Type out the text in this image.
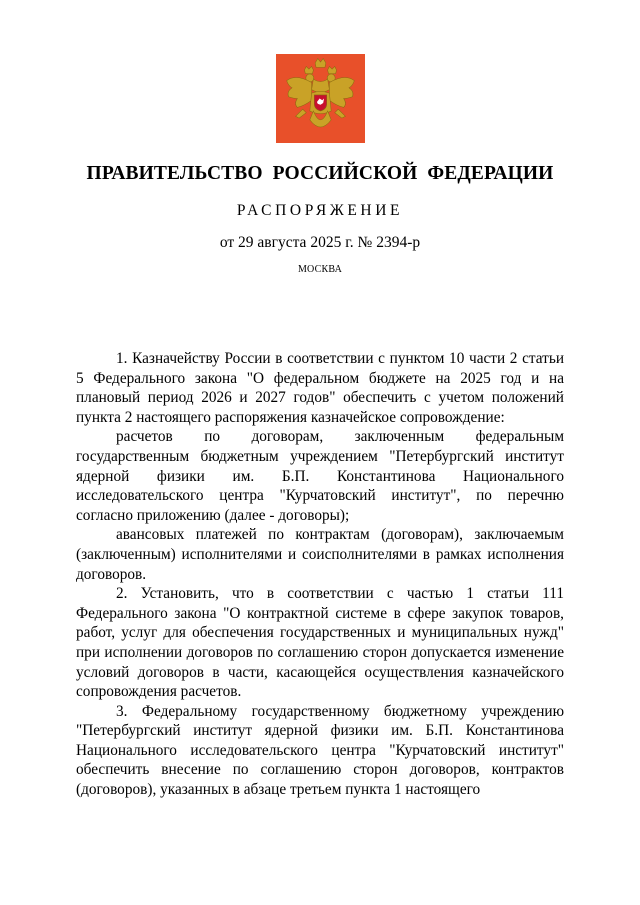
ПРАВИТЕЛЬСТВО РОССИЙСКОЙ ФЕДЕРАЦИИ
РАСПОРЯЖЕНИЕ
от 29 августа 2025 г. № 2394-р
МОСКВА

1. Казначейству России в соответствии с пунктом 10 части 2 статьи 5 Федерального закона "О федеральном бюджете на 2025 год и на плановый период 2026 и 2027 годов" обеспечить с учетом положений пункта 2 настоящего распоряжения казначейское сопровождение:

расчетов по договорам, заключенным федеральным государственным бюджетным учреждением "Петербургский институт ядерной физики им. Б.П. Константинова Национального исследовательского центра "Курчатовский институт", по перечню согласно приложению (далее - договоры);

авансовых платежей по контрактам (договорам), заключаемым (заключенным) исполнителями и соисполнителями в рамках исполнения договоров.

2. Установить, что в соответствии с частью 1 статьи 111 Федерального закона "О контрактной системе в сфере закупок товаров, работ, услуг для обеспечения государственных и муниципальных нужд" при исполнении договоров по соглашению сторон допускается изменение условий договоров в части, касающейся осуществления казначейского сопровождения расчетов.

3. Федеральному государственному бюджетному учреждению "Петербургский институт ядерной физики им. Б.П. Константинова Национального исследовательского центра "Курчатовский институт" обеспечить внесение по соглашению сторон договоров, контрактов (договоров), указанных в абзаце третьем пункта 1 настоящего
